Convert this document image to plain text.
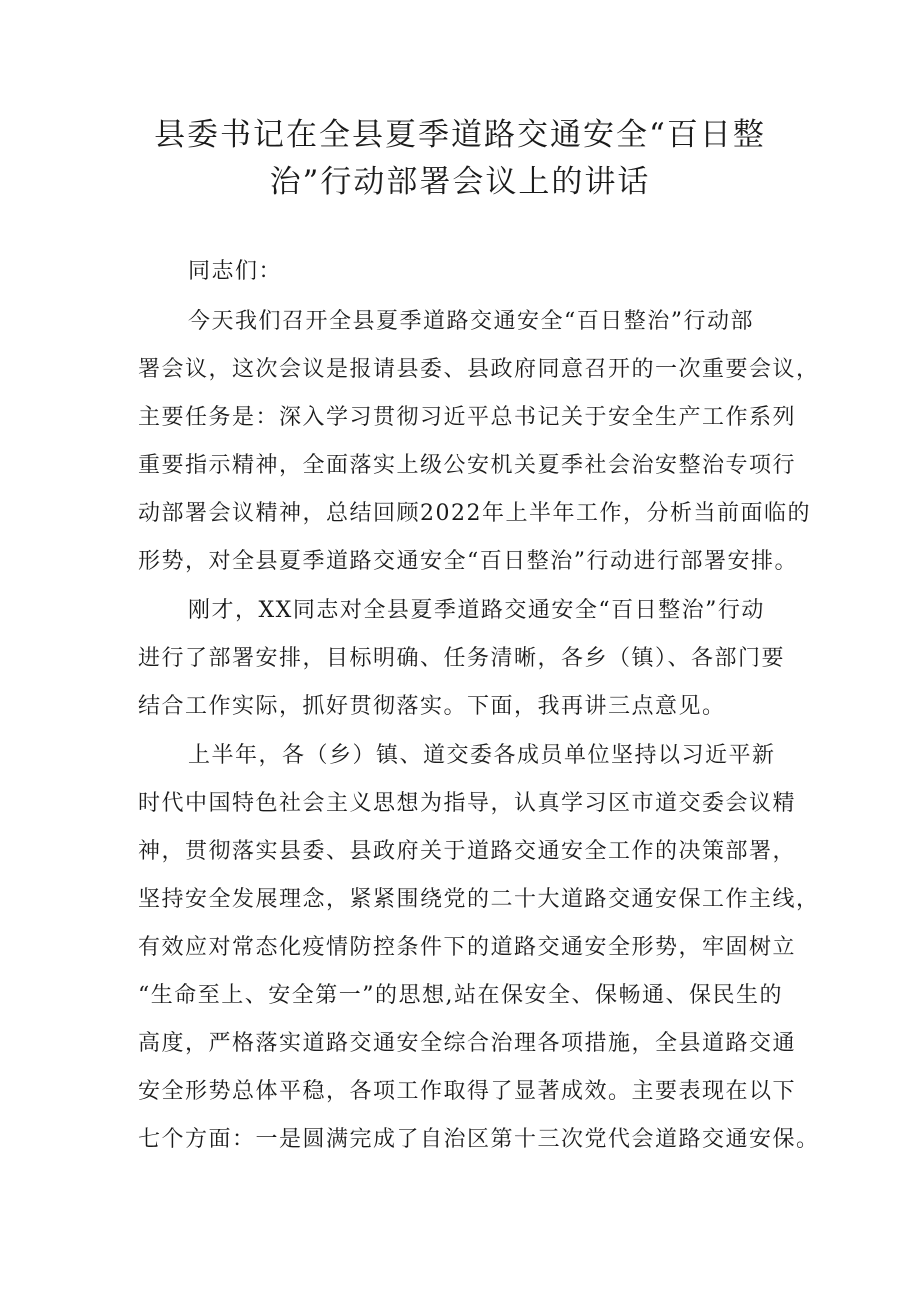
县委书记在全县夏季道路交通安全“百日整
治”行动部署会议上的讲话
同志们：
今天我们召开全县夏季道路交通安全“百日整治”行动部
署会议，这次会议是报请县委、县政府同意召开的一次重要会议，
主要任务是：深入学习贯彻习近平总书记关于安全生产工作系列
重要指示精神，全面落实上级公安机关夏季社会治安整治专项行
动部署会议精神，总结回顾2022年上半年工作，分析当前面临的
形势，对全县夏季道路交通安全“百日整治”行动进行部署安排。
刚才，XX同志对全县夏季道路交通安全“百日整治”行动
进行了部署安排，目标明确、任务清晰，各乡（镇）、各部门要
结合工作实际，抓好贯彻落实。下面，我再讲三点意见。
上半年，各（乡）镇、道交委各成员单位坚持以习近平新
时代中国特色社会主义思想为指导，认真学习区市道交委会议精
神，贯彻落实县委、县政府关于道路交通安全工作的决策部署，
坚持安全发展理念，紧紧围绕党的二十大道路交通安保工作主线，
有效应对常态化疫情防控条件下的道路交通安全形势，牢固树立
“生命至上、安全第一”的思想,站在保安全、保畅通、保民生的
高度，严格落实道路交通安全综合治理各项措施，全县道路交通
安全形势总体平稳，各项工作取得了显著成效。主要表现在以下
七个方面：一是圆满完成了自治区第十三次党代会道路交通安保。
